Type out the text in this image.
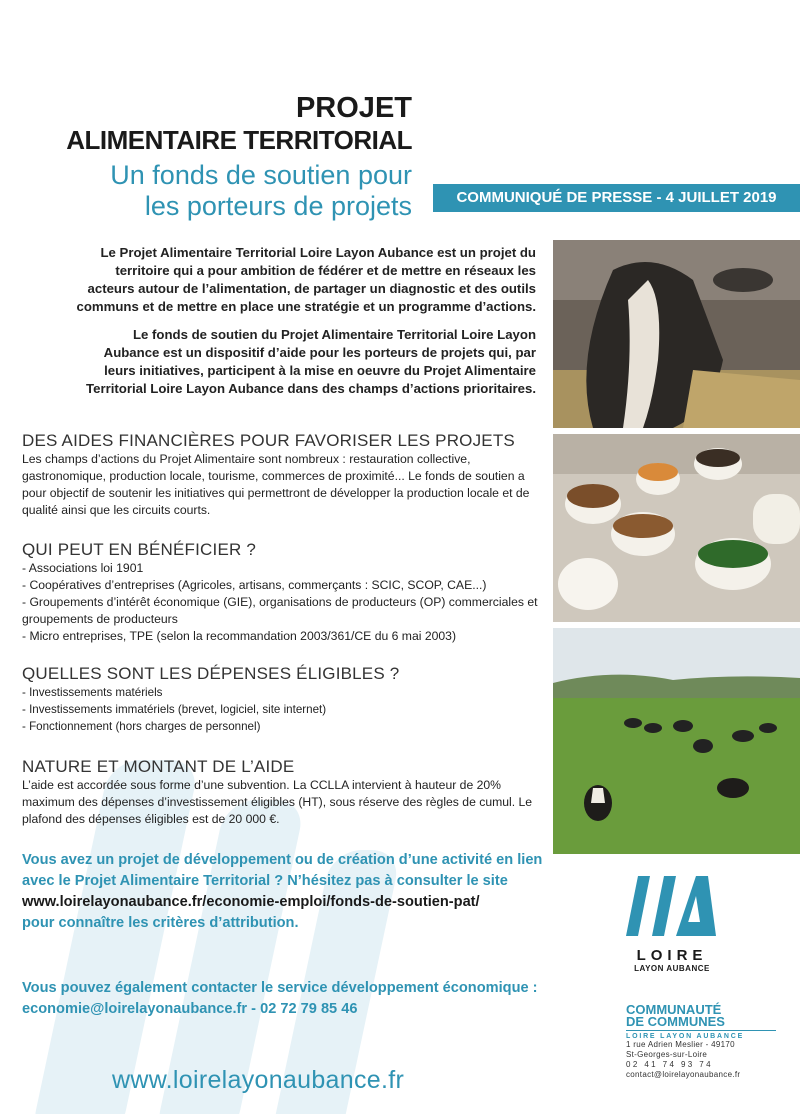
PROJET
ALIMENTAIRE TERRITORIAL
Un fonds de soutien pour
les porteurs de projets	COMMUNIQUÉ DE PRESSE - 4 JUILLET 2019

Le Projet Alimentaire Territorial Loire Layon Aubance est un projet du territoire qui a pour ambition de fédérer et de mettre en réseaux les acteurs autour de l’alimentation, de partager un diagnostic et des outils communs et de mettre en place une stratégie et un programme d’actions.

Le fonds de soutien du Projet Alimentaire Territorial Loire Layon Aubance est un dispositif d’aide pour les porteurs de projets qui, par leurs initiatives, participent à la mise en oeuvre du Projet Alimentaire Territorial Loire Layon Aubance dans des champs d’actions prioritaires.

DES AIDES FINANCIÈRES POUR FAVORISER LES PROJETS
Les champs d’actions du Projet Alimentaire sont nombreux : restauration collective, gastronomique, production locale, tourisme, commerces de proximité... Le fonds de soutien a pour objectif de soutenir les initiatives qui permettront de développer la production locale et de qualité ainsi que les circuits courts.
QUI PEUT EN BÉNÉFICIER ?
- Associations loi 1901
- Coopératives d’entreprises (Agricoles, artisans, commerçants : SCIC, SCOP, CAE...)
- Groupements d’intérêt économique (GIE), organisations de producteurs (OP) commerciales et groupements de producteurs
- Micro entreprises, TPE (selon la recommandation 2003/361/CE du 6 mai 2003)
QUELLES SONT LES DÉPENSES ÉLIGIBLES ?
- Investissements matériels
- Investissements immatériels (brevet, logiciel, site internet)
- Fonctionnement (hors charges de personnel)
NATURE ET MONTANT DE L’AIDE
L’aide est accordée sous forme d’une subvention. La CCLLA intervient à hauteur de 20% maximum des dépenses d’investissement éligibles (HT), sous réserve des règles de cumul. Le plafond des dépenses éligibles est de 20 000 €.
Vous avez un projet de développement ou de création d’une activité en lien avec le Projet Alimentaire Territorial ? N’hésitez pas à consulter le site
www.loirelayonaubance.fr/economie-emploi/fonds-de-soutien-pat/
pour connaître les critères d’attribution.
Vous pouvez également contacter le service développement économique : economie@loirelayonaubance.fr - 02 72 79 85 46
www.loirelayonaubance.fr
LOIRE
LAYON AUBANCE
COMMUNAUTÉ
DE COMMUNES
LOIRE LAYON AUBANCE
1 rue Adrien Meslier - 49170
St-Georges-sur-Loire
02 41 74 93 74
contact@loirelayonaubance.fr
